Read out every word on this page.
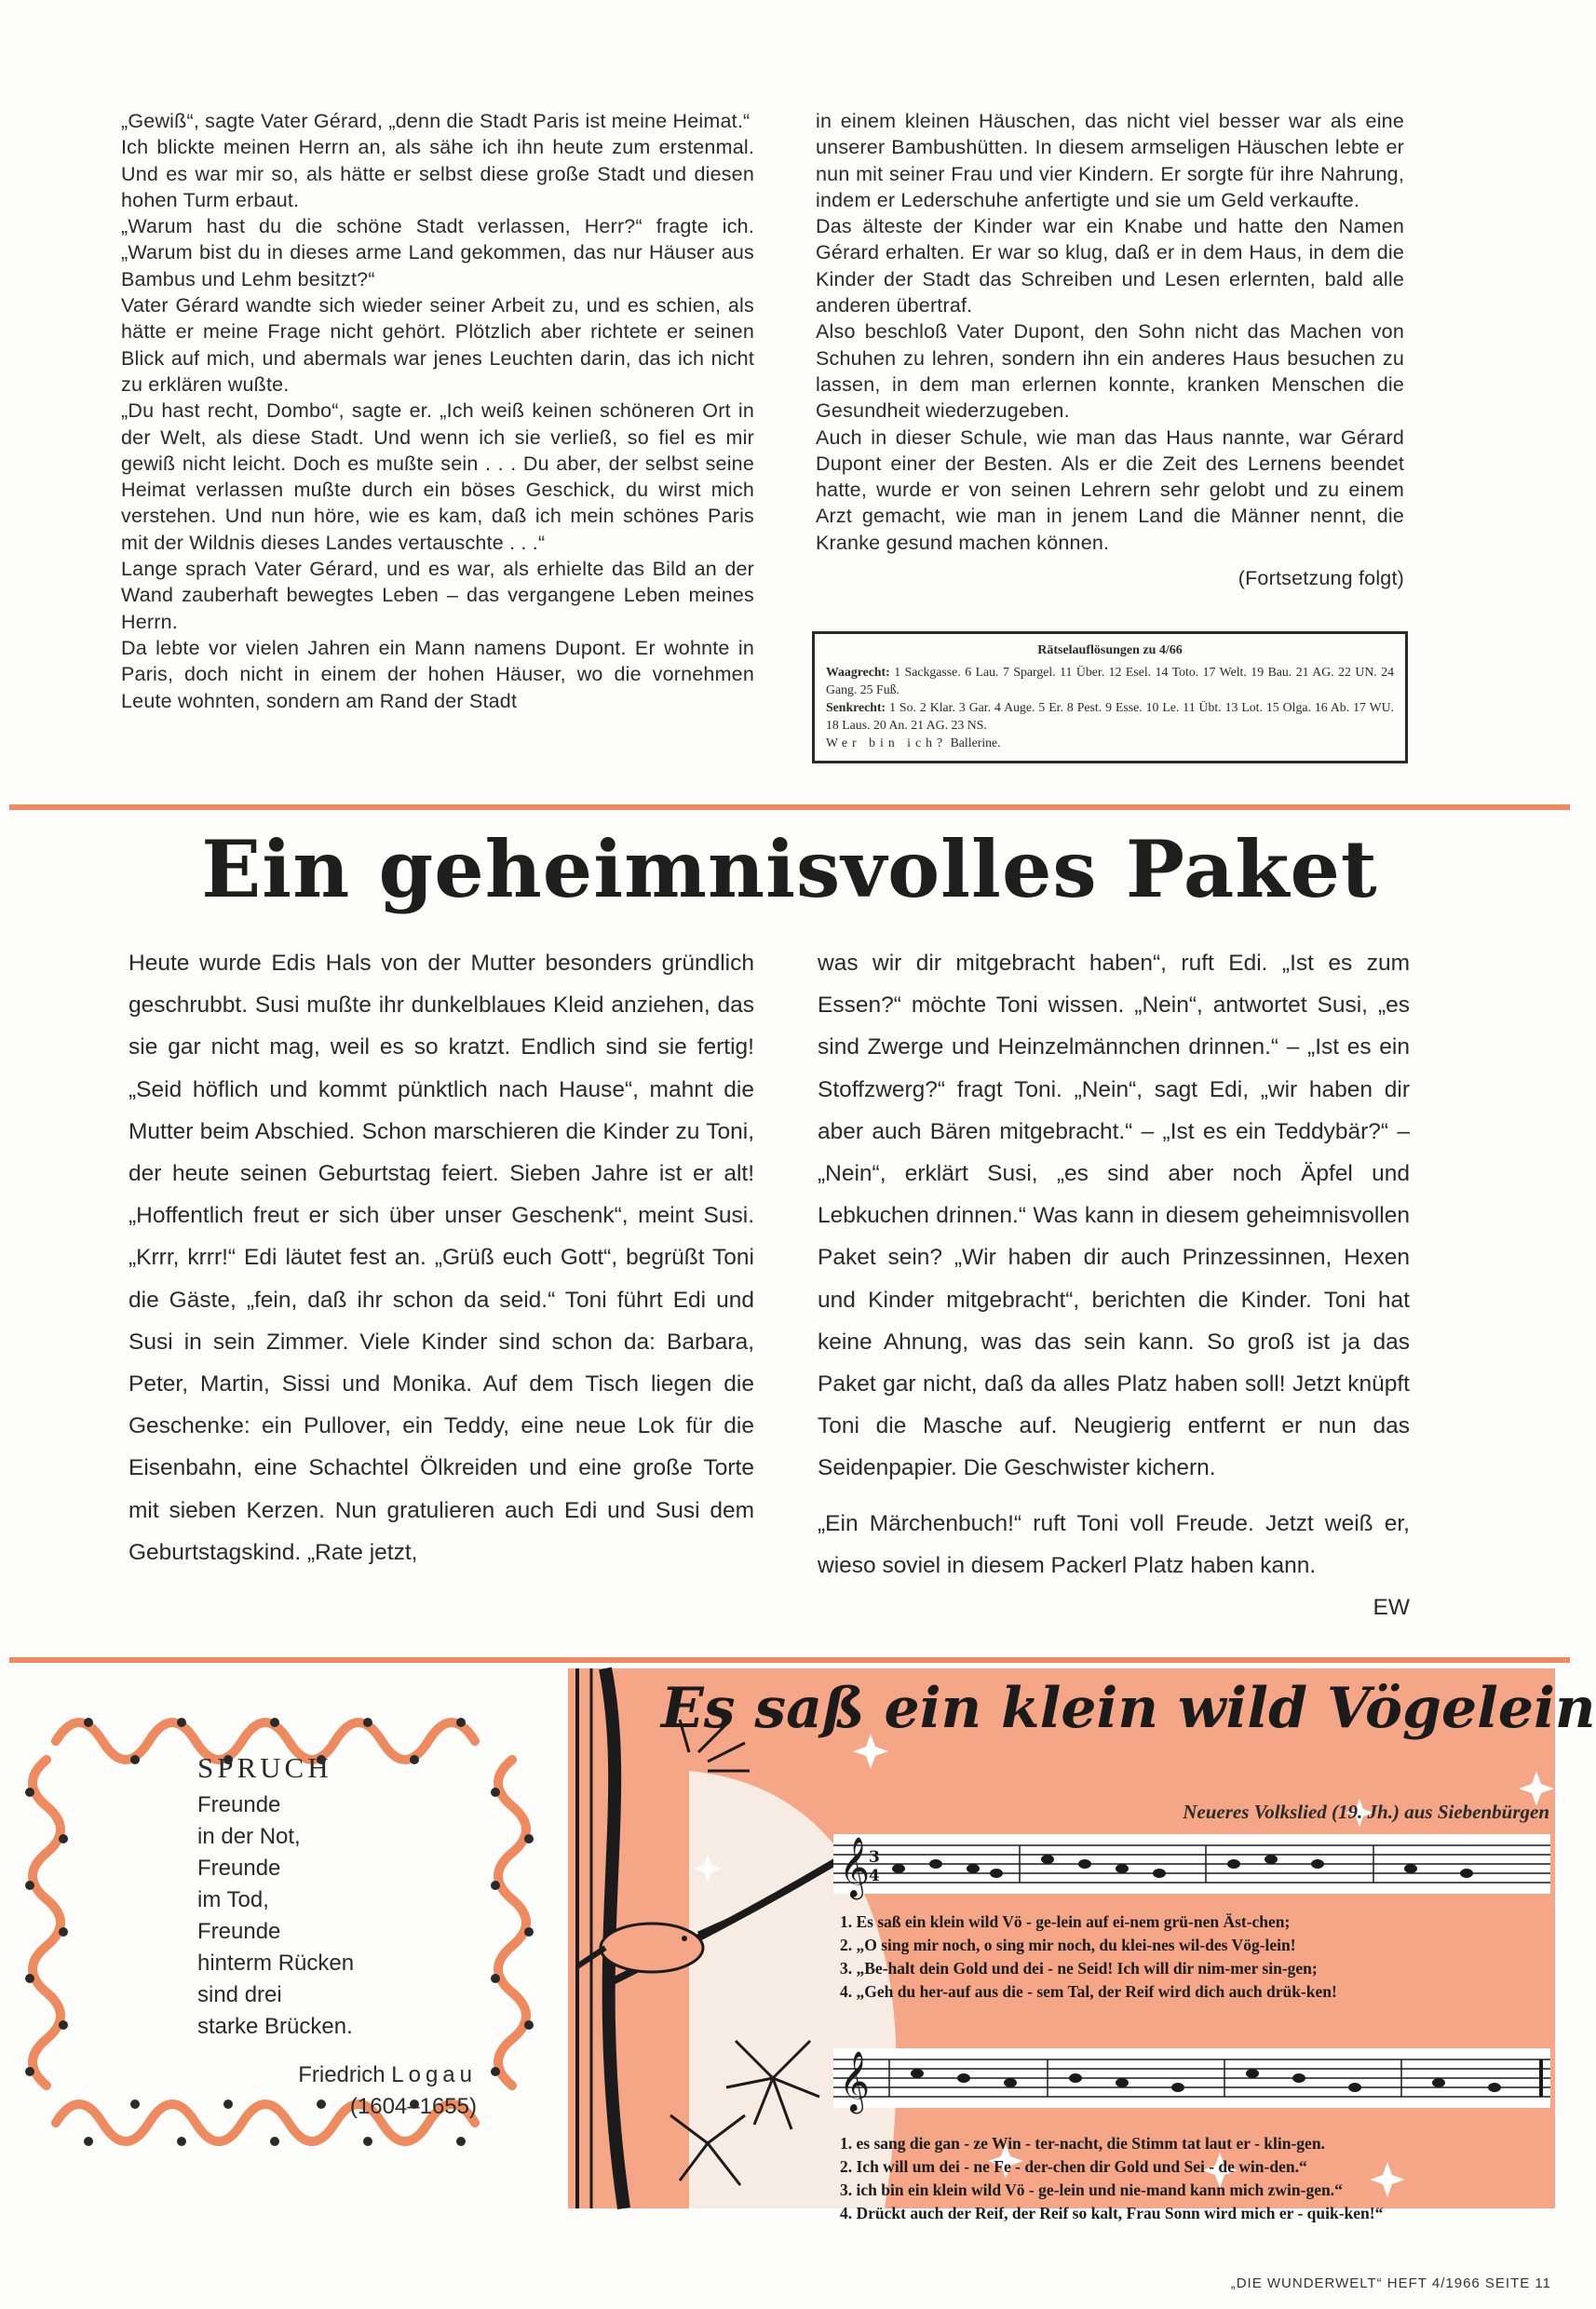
„Gewiß“, sagte Vater Gérard, „denn die Stadt Paris ist meine Heimat.“

Ich blickte meinen Herrn an, als sähe ich ihn heute zum erstenmal. Und es war mir so, als hätte er selbst diese große Stadt und diesen hohen Turm erbaut.

„Warum hast du die schöne Stadt verlassen, Herr?“ fragte ich. „Warum bist du in dieses arme Land gekommen, das nur Häuser aus Bambus und Lehm besitzt?“

Vater Gérard wandte sich wieder seiner Arbeit zu, und es schien, als hätte er meine Frage nicht gehört. Plötzlich aber richtete er seinen Blick auf mich, und abermals war jenes Leuchten darin, das ich nicht zu erklären wußte.

„Du hast recht, Dombo“, sagte er. „Ich weiß keinen schöneren Ort in der Welt, als diese Stadt. Und wenn ich sie verließ, so fiel es mir gewiß nicht leicht. Doch es mußte sein . . . Du aber, der selbst seine Heimat verlassen mußte durch ein böses Geschick, du wirst mich verstehen. Und nun höre, wie es kam, daß ich mein schönes Paris mit der Wildnis dieses Landes vertauschte . . .“

Lange sprach Vater Gérard, und es war, als erhielte das Bild an der Wand zauberhaft bewegtes Leben – das vergangene Leben meines Herrn.

Da lebte vor vielen Jahren ein Mann namens Dupont. Er wohnte in Paris, doch nicht in einem der hohen Häuser, wo die vornehmen Leute wohnten, sondern am Rand der Stadt

in einem kleinen Häuschen, das nicht viel besser war als eine unserer Bambushütten. In diesem armseligen Häuschen lebte er nun mit seiner Frau und vier Kindern. Er sorgte für ihre Nahrung, indem er Lederschuhe anfertigte und sie um Geld verkaufte.

Das älteste der Kinder war ein Knabe und hatte den Namen Gérard erhalten. Er war so klug, daß er in dem Haus, in dem die Kinder der Stadt das Schreiben und Lesen erlernten, bald alle anderen übertraf.

Also beschloß Vater Dupont, den Sohn nicht das Machen von Schuhen zu lehren, sondern ihn ein anderes Haus besuchen zu lassen, in dem man erlernen konnte, kranken Menschen die Gesundheit wiederzugeben.

Auch in dieser Schule, wie man das Haus nannte, war Gérard Dupont einer der Besten. Als er die Zeit des Lernens beendet hatte, wurde er von seinen Lehrern sehr gelobt und zu einem Arzt gemacht, wie man in jenem Land die Männer nennt, die Kranke gesund machen können.

(Fortsetzung folgt)

Rätselauflösungen zu 4/66
Waagrecht: 1 Sackgasse. 6 Lau. 7 Spargel. 11 Über. 12 Esel. 14 Toto. 17 Welt. 19 Bau. 21 AG. 22 UN. 24 Gang. 25 Fuß.
Senkrecht: 1 So. 2 Klar. 3 Gar. 4 Auge. 5 Er. 8 Pest. 9 Esse. 10 Le. 11 Übt. 13 Lot. 15 Olga. 16 Ab. 17 WU. 18 Laus. 20 An. 21 AG. 23 NS.
Wer bin ich? Ballerine.
Ein geheimnisvolles Paket

Heute wurde Edis Hals von der Mutter besonders gründlich geschrubbt. Susi mußte ihr dunkelblaues Kleid anziehen, das sie gar nicht mag, weil es so kratzt. Endlich sind sie fertig! „Seid höflich und kommt pünktlich nach Hause“, mahnt die Mutter beim Abschied. Schon marschieren die Kinder zu Toni, der heute seinen Geburtstag feiert. Sieben Jahre ist er alt! „Hoffentlich freut er sich über unser Geschenk“, meint Susi. „Krrr, krrr!“ Edi läutet fest an. „Grüß euch Gott“, begrüßt Toni die Gäste, „fein, daß ihr schon da seid.“ Toni führt Edi und Susi in sein Zimmer. Viele Kinder sind schon da: Barbara, Peter, Martin, Sissi und Monika. Auf dem Tisch liegen die Geschenke: ein Pullover, ein Teddy, eine neue Lok für die Eisenbahn, eine Schachtel Ölkreiden und eine große Torte mit sieben Kerzen. Nun gratulieren auch Edi und Susi dem Geburtstagskind. „Rate jetzt,

was wir dir mitgebracht haben“, ruft Edi. „Ist es zum Essen?“ möchte Toni wissen. „Nein“, antwortet Susi, „es sind Zwerge und Heinzelmännchen drinnen.“ – „Ist es ein Stoffzwerg?“ fragt Toni. „Nein“, sagt Edi, „wir haben dir aber auch Bären mitgebracht.“ – „Ist es ein Teddybär?“ – „Nein“, erklärt Susi, „es sind aber noch Äpfel und Lebkuchen drinnen.“ Was kann in diesem geheimnisvollen Paket sein? „Wir haben dir auch Prinzessinnen, Hexen und Kinder mitgebracht“, berichten die Kinder. Toni hat keine Ahnung, was das sein kann. So groß ist ja das Paket gar nicht, daß da alles Platz haben soll! Jetzt knüpft Toni die Masche auf. Neugierig entfernt er nun das Seidenpapier. Die Geschwister kichern.

„Ein Märchenbuch!“ ruft Toni voll Freude. Jetzt weiß er, wieso soviel in diesem Packerl Platz haben kann.

EW

SPRUCH
Freunde
in der Not,
Freunde
im Tod,
Freunde
hinterm Rücken
sind drei
starke Brücken.
Friedrich Logau
(1604–1655)
Es saß ein klein wild Vögelein
Neueres Volkslied (19. Jh.) aus Siebenbürgen
𝄞
3
4
1. Es saß ein klein wild Vö - ge-lein auf ei-nem grü-nen Äst-chen;
2. „O sing mir noch, o sing mir noch, du klei-nes wil-des Vög-lein!
3. „Be-halt dein Gold und dei - ne Seid! Ich will dir nim-mer sin-gen;
4. „Geh du her-auf aus die - sem Tal, der Reif wird dich auch drük-ken!
𝄞
1. es sang die gan - ze Win - ter-nacht, die Stimm tat laut er - klin-gen.
2. Ich will um dei - ne Fe - der-chen dir Gold und Sei - de win-den.“
3. ich bin ein klein wild Vö - ge-lein und nie-mand kann mich zwin-gen.“
4. Drückt auch der Reif, der Reif so kalt, Frau Sonn wird mich er - quik-ken!“
„DIE WUNDERWELT“ HEFT 4/1966 SEITE 11
